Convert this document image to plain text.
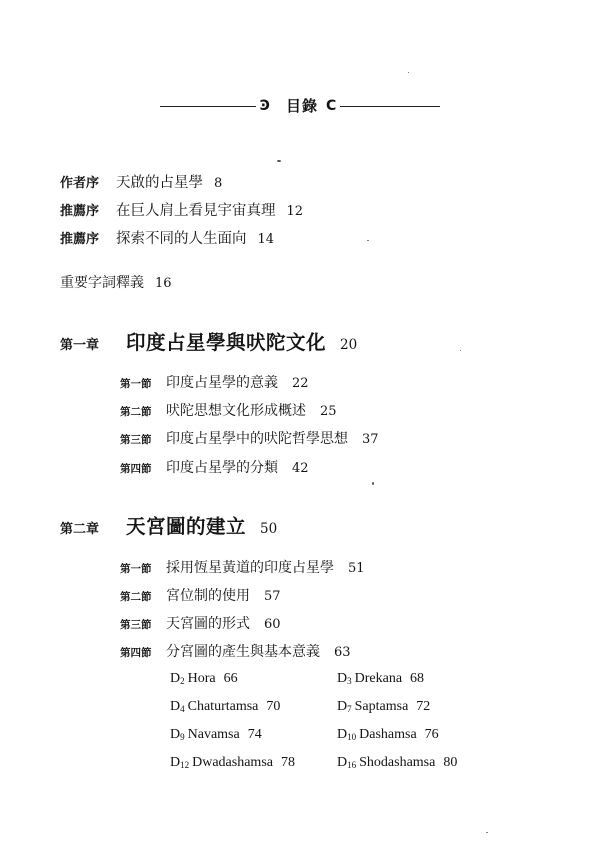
Ͽ 目錄 C
作者序 天啟的占星學 8
推薦序 在巨人肩上看見宇宙真理 12
推薦序 探索不同的人生面向 14
重要字詞釋義 16
第一章 印度占星學與吠陀文化 20
第一節 印度占星學的意義 22
第二節 吠陀思想文化形成概述 25
第三節 印度占星學中的吠陀哲學思想 37
第四節 印度占星學的分類 42
第二章 天宮圖的建立 50
第一節 採用恆星黃道的印度占星學 51
第二節 宮位制的使用 57
第三節 天宮圖的形式 60
第四節 分宮圖的產生與基本意義 63
$D_2$ Hora 66	$D_3$ Drekana 68
$D_4$ Chaturtamsa 70	$D_7$ Saptamsa 72
$D_9$ Navamsa 74	$D_{10}$ Dashamsa 76
$D_{12}$ Dwadashamsa 78	$D_{16}$ Shodashamsa 80
